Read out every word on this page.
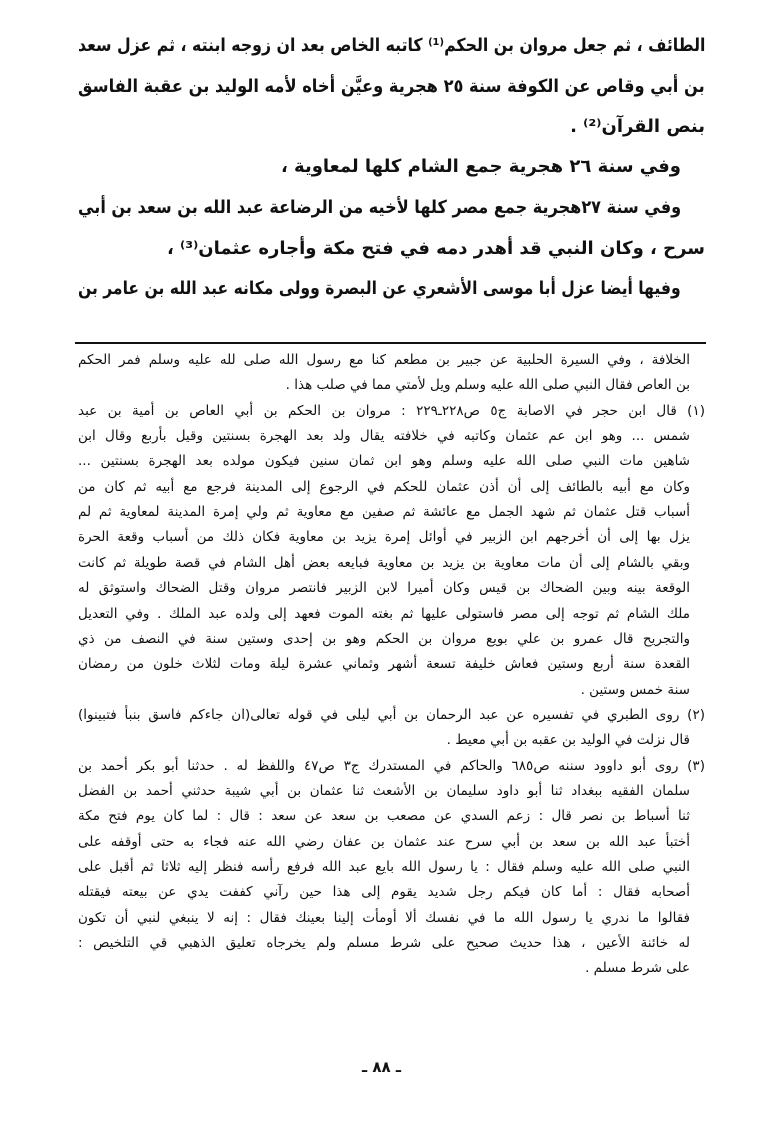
الطائف ، ثم جعل مروان بن الحكم⁽¹⁾ كاتبه الخاص بعد ان زوجه ابنته ، ثم عزل سعد
بن أبي وقاص عن الكوفة سنة ٢٥ هجرية وعيَّن أخاه لأمه الوليد بن عقبة الفاسق
بنص القرآن⁽²⁾ .
وفي سنة ٢٦ هجرية جمع الشام كلها لمعاوية ،
وفي سنة ٢٧هجرية جمع مصر كلها لأخيه من الرضاعة عبد الله بن سعد بن أبي
سرح ، وكان النبي قد أهدر دمه في فتح مكة وأجاره عثمان⁽³⁾ ،
وفيها أيضا عزل أبا موسى الأشعري عن البصرة وولى مكانه عبد الله بن عامر بن
الخلافة ، وفي السيرة الحلبية عن جبير بن مطعم كنا مع رسول الله صلى لله عليه وسلم فمر الحكم
بن العاص فقال النبي صلى الله عليه وسلم ويل لأمتي مما في صلب هذا .
(١) قال ابن حجر في الاصابة ج٥ ص٢٢٨ـ٢٢٩ : مروان بن الحكم بن أبي العاص بن أمية بن عبد
شمس ... وهو ابن عم عثمان وكاتبه في خلافته يقال ولد بعد الهجرة بسنتين وقيل بأربع وقال ابن
شاهين مات النبي صلى الله عليه وسلم وهو ابن ثمان سنين فيكون مولده بعد الهجرة بسنتين ...
وكان مع أبيه بالطائف إلى أن أذن عثمان للحكم في الرجوع إلى المدينة فرجع مع أبيه ثم كان من
أسباب قتل عثمان ثم شهد الجمل مع عائشة ثم صفين مع معاوية ثم ولي إمرة المدينة لمعاوية ثم لم
يزل بها إلى أن أخرجهم ابن الزبير في أوائل إمرة يزيد بن معاوية فكان ذلك من أسباب وقعة الحرة
وبقي بالشام إلى أن مات معاوية بن يزيد بن معاوية فبايعه بعض أهل الشام في قصة طويلة ثم كانت
الوقعة بينه وبين الضحاك بن قيس وكان أميرا لابن الزبير فانتصر مروان وقتل الضحاك واستوثق له
ملك الشام ثم توجه إلى مصر فاستولى عليها ثم بغته الموت فعهد إلى ولده عبد الملك . وفي التعديل
والتجريح قال عمرو بن علي بويع مروان بن الحكم وهو بن إحدى وستين سنة في النصف من ذي
القعدة سنة أربع وستين فعاش خليفة تسعة أشهر وثماني عشرة ليلة ومات لثلاث خلون من رمضان
سنة خمس وستين .
(٢) روى الطبري في تفسيره عن عبد الرحمان بن أبي ليلى في قوله تعالى(ان جاءكم فاسق بنبأ فتبينوا)
قال نزلت في الوليد بن عقبه بن أبي معيط .
(٣) روى أبو داوود سننه ص٦٨٥ والحاكم في المستدرك ج٣ ص٤٧ واللفظ له . حدثنا أبو بكر أحمد بن
سلمان الفقيه ببغداد ثنا أبو داود سليمان بن الأشعث ثنا عثمان بن أبي شيبة حدثني أحمد بن الفضل
ثنا أسباط بن نصر قال : زعم السدي عن مصعب بن سعد عن سعد : قال : لما كان يوم فتح مكة
أختبأ عبد الله بن سعد بن أبي سرح عند عثمان بن عفان رضي الله عنه فجاء به حتى أوقفه على
النبي صلى الله عليه وسلم فقال : يا رسول الله بايع عبد الله فرفع رأسه فنظر إليه ثلاثا ثم أقبل على
أصحابه فقال : أما كان فيكم رجل شديد يقوم إلى هذا حين رآني كففت يدي عن بيعته فيقتله
فقالوا ما ندري يا رسول الله ما في نفسك ألا أومأت إلينا بعينك فقال : إنه لا ينبغي لنبي أن تكون
له خائنة الأعين ، هذا حديث صحيح على شرط مسلم ولم يخرجاه تعليق الذهبي قي التلخيص :
على شرط مسلم .
ـ ٨٨ ـ
